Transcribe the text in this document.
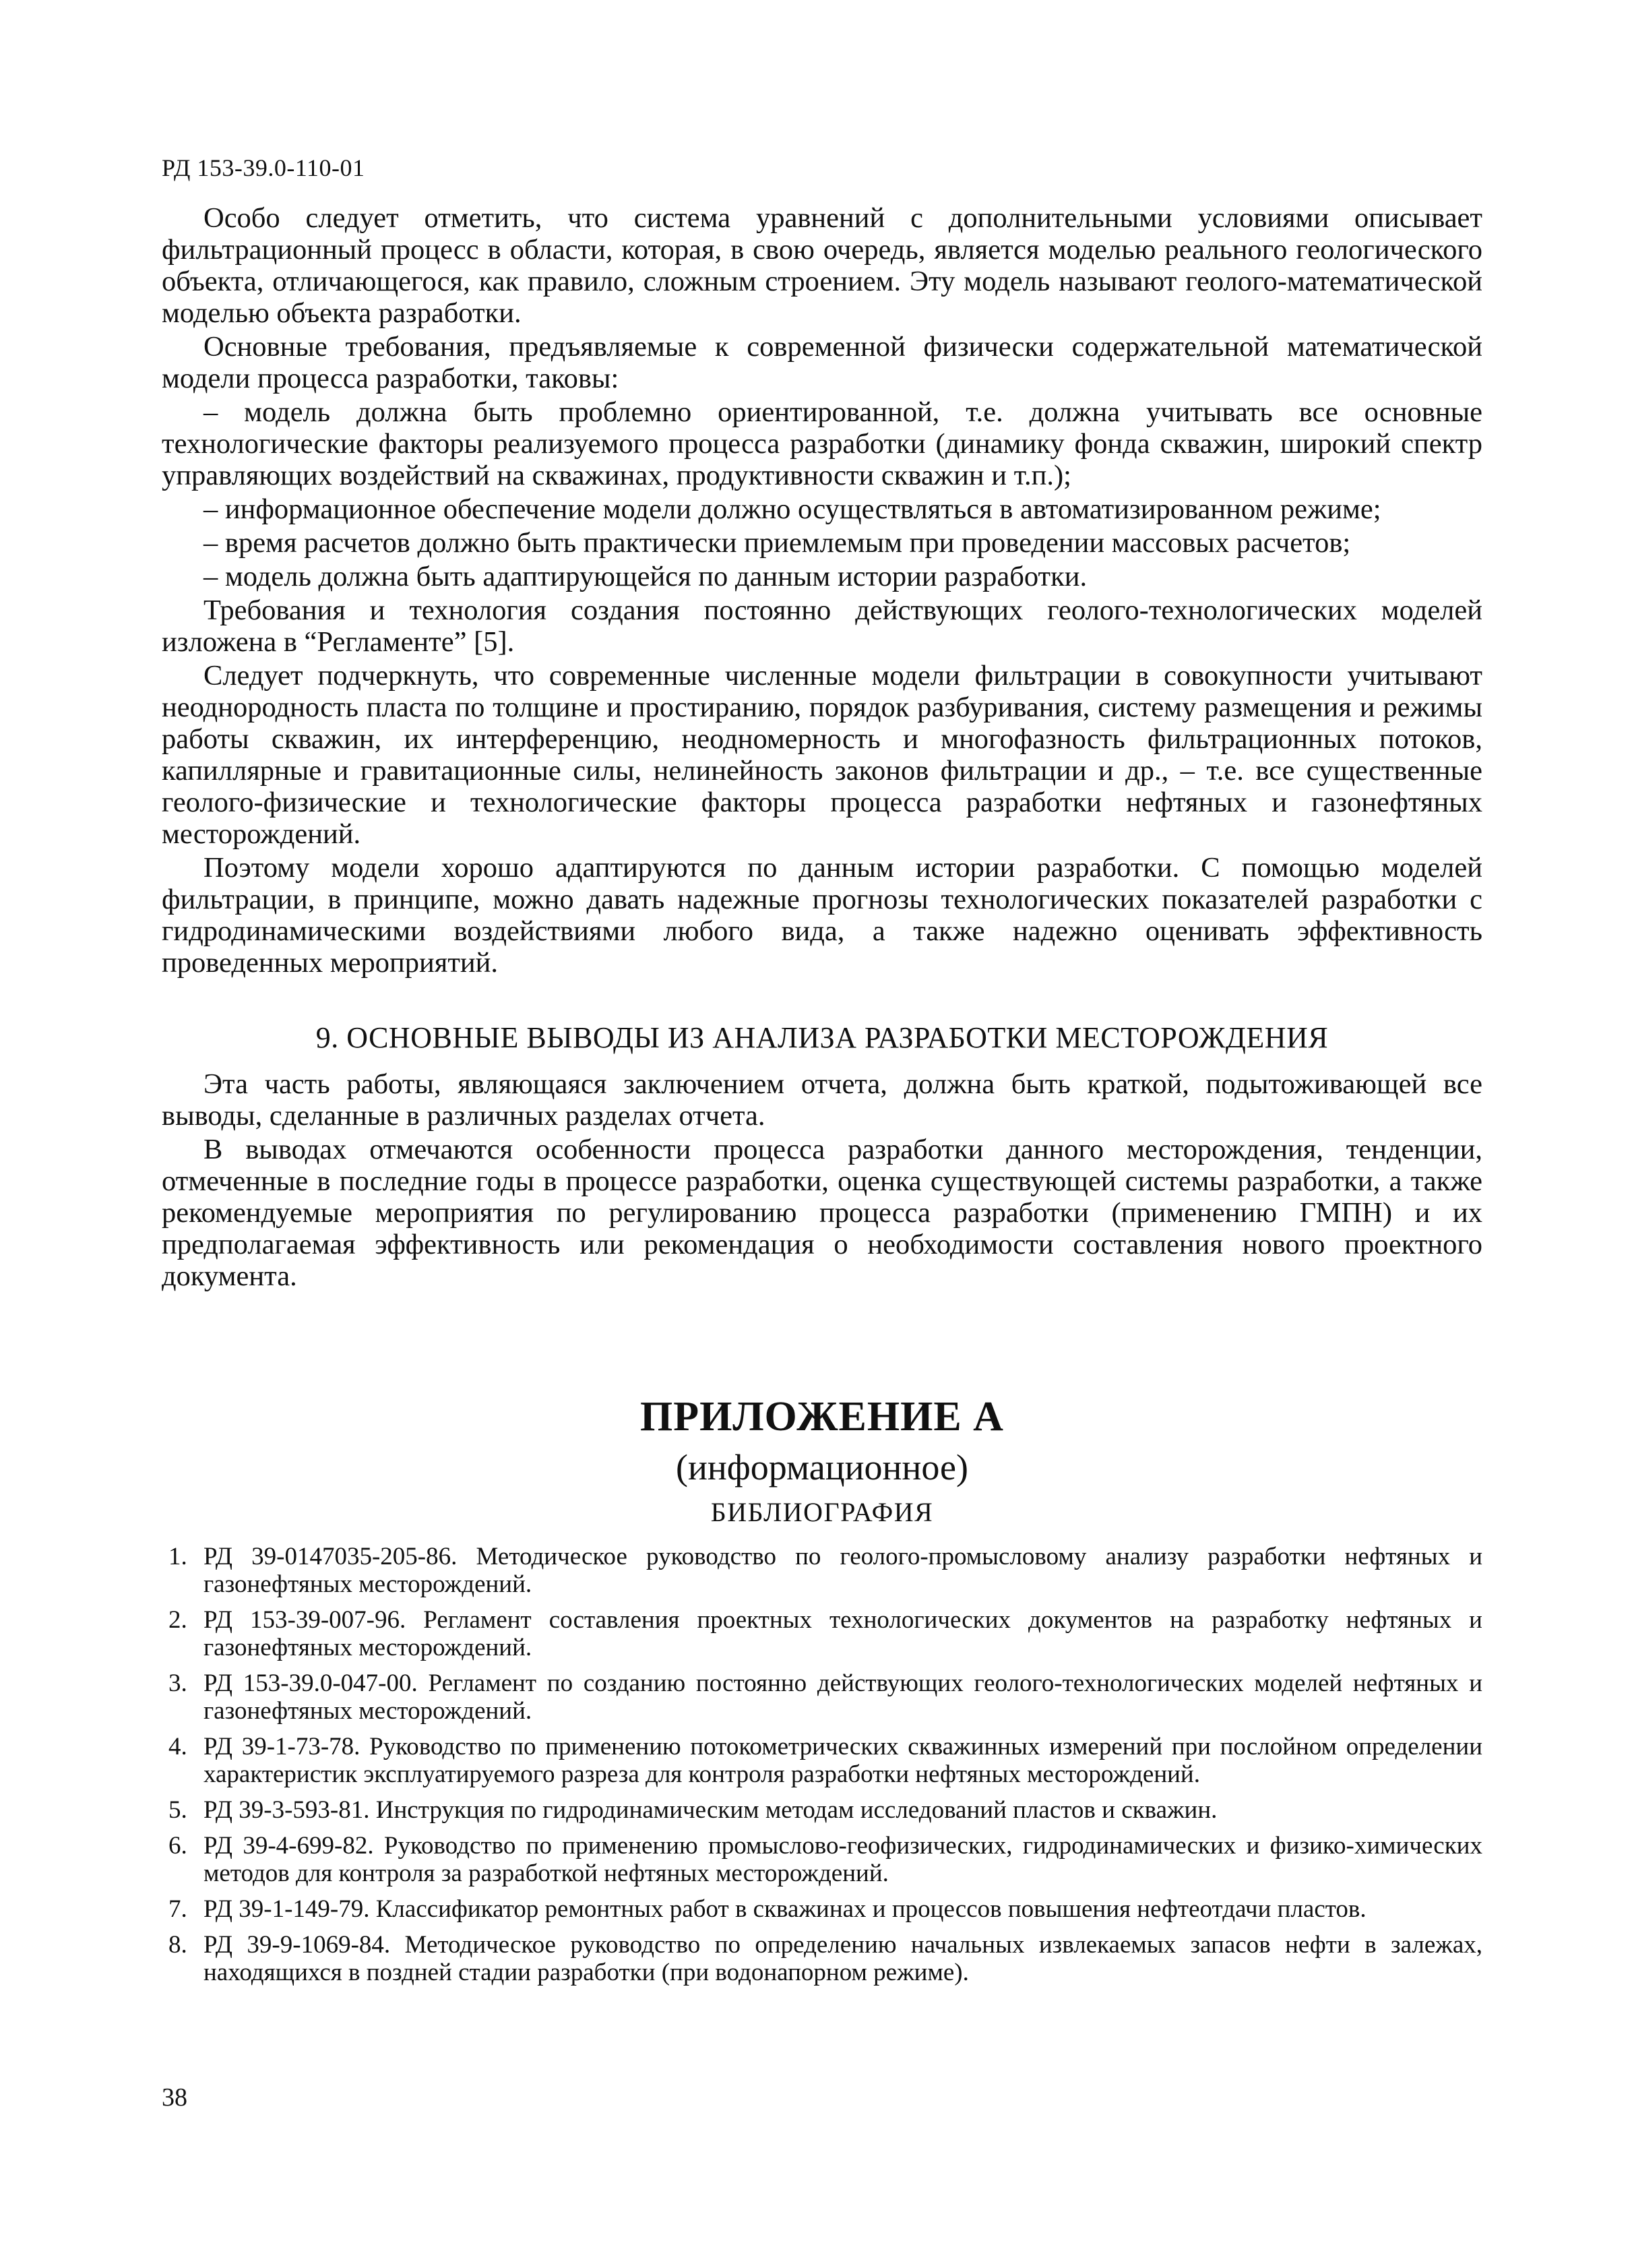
РД 153-39.0-110-01

Особо следует отметить, что система уравнений с дополнительными условиями описывает фильтрационный процесс в области, которая, в свою очередь, является моделью реального геологического объекта, отличающегося, как правило, сложным строением. Эту модель называют геолого-математической моделью объекта разработки.

Основные требования, предъявляемые к современной физически содержательной математической модели процесса разработки, таковы:

– модель должна быть проблемно ориентированной, т.е. должна учитывать все основные технологические факторы реализуемого процесса разработки (динамику фонда скважин, широкий спектр управляющих воздействий на скважинах, продуктивности скважин и т.п.);

– информационное обеспечение модели должно осуществляться в автоматизированном режиме;

– время расчетов должно быть практически приемлемым при проведении массовых расчетов;

– модель должна быть адаптирующейся по данным истории разработки.

Требования и технология создания постоянно действующих геолого-технологических моделей изложена в “Регламенте” [5].

Следует подчеркнуть, что современные численные модели фильтрации в совокупности учитывают неоднородность пласта по толщине и простиранию, порядок разбуривания, систему размещения и режимы работы скважин, их интерференцию, неодномерность и многофазность фильтрационных потоков, капиллярные и гравитационные силы, нелинейность законов фильтрации и др., – т.е. все существенные геолого-физические и технологические факторы процесса разработки нефтяных и газонефтяных месторождений.

Поэтому модели хорошо адаптируются по данным истории разработки. С помощью моделей фильтрации, в принципе, можно давать надежные прогнозы технологических показателей разработки с гидродинамическими воздействиями любого вида, а также надежно оценивать эффективность проведенных мероприятий.

9. ОСНОВНЫЕ ВЫВОДЫ ИЗ АНАЛИЗА РАЗРАБОТКИ МЕСТОРОЖДЕНИЯ

Эта часть работы, являющаяся заключением отчета, должна быть краткой, подытоживающей все выводы, сделанные в различных разделах отчета.

В выводах отмечаются особенности процесса разработки данного месторождения, тенденции, отмеченные в последние годы в процессе разработки, оценка существующей системы разработки, а также рекомендуемые мероприятия по регулированию процесса разработки (применению ГМПН) и их предполагаемая эффективность или рекомендация о необходимости составления нового проектного документа.

ПРИЛОЖЕНИЕ А
(информационное)
БИБЛИОГРАФИЯ
1. РД 39-0147035-205-86. Методическое руководство по геолого-промысловому анализу разработки нефтяных и газонефтяных месторождений.
2. РД 153-39-007-96. Регламент составления проектных технологических документов на разработку нефтяных и газонефтяных месторождений.
3. РД 153-39.0-047-00. Регламент по созданию постоянно действующих геолого-технологических моделей нефтяных и газонефтяных месторождений.
4. РД 39-1-73-78. Руководство по применению потокометрических скважинных измерений при послойном определении характеристик эксплуатируемого разреза для контроля разработки нефтяных месторождений.
5. РД 39-3-593-81. Инструкция по гидродинамическим методам исследований пластов и скважин.
6. РД 39-4-699-82. Руководство по применению промыслово-геофизических, гидродинамических и физико-химических методов для контроля за разработкой нефтяных месторождений.
7. РД 39-1-149-79. Классификатор ремонтных работ в скважинах и процессов повышения нефтеотдачи пластов.
8. РД 39-9-1069-84. Методическое руководство по определению начальных извлекаемых запасов нефти в залежах, находящихся в поздней стадии разработки (при водонапорном режиме).
38
